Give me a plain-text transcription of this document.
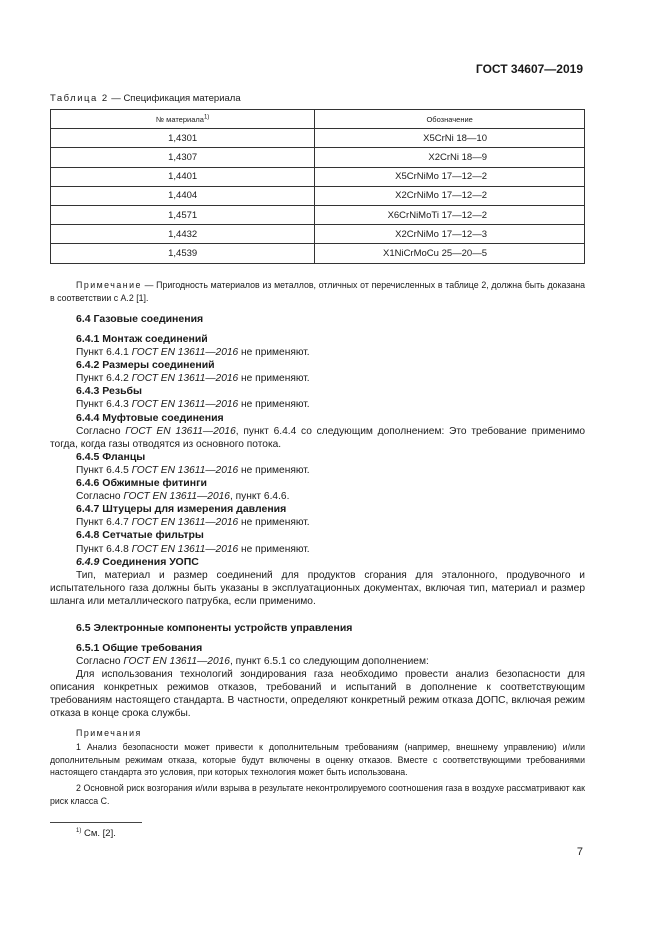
ГОСТ 34607—2019
Таблица 2 — Спецификация материала
№ материала$^{1)}$	Обозначение
1,4301	X5CrNi 18—10
1,4307	X2CrNi 18—9
1,4401	X5CrNiMo 17—12—2
1,4404	X2CrNiMo 17—12—2
1,4571	X6CrNiMoTi 17—12—2
1,4432	X2CrNiMo 17—12—3
1,4539	X1NiCrMoCu 25—20—5
Примечание — Пригодность материалов из металлов, отличных от перечисленных в таблице 2, должна быть доказана в соответствии с А.2 [1].
6.4 Газовые соединения
6.4.1 Монтаж соединений
Пункт 6.4.1 ГОСТ EN 13611—2016 не применяют.
6.4.2 Размеры соединений
Пункт 6.4.2 ГОСТ EN 13611—2016 не применяют.
6.4.3 Резьбы
Пункт 6.4.3 ГОСТ EN 13611—2016 не применяют.
6.4.4 Муфтовые соединения
Согласно ГОСТ EN 13611—2016, пункт 6.4.4 со следующим дополнением: Это требование применимо тогда, когда газы отводятся из основного потока.
6.4.5 Фланцы
Пункт 6.4.5 ГОСТ EN 13611—2016 не применяют.
6.4.6 Обжимные фитинги
Согласно ГОСТ EN 13611—2016, пункт 6.4.6.
6.4.7 Штуцеры для измерения давления
Пункт 6.4.7 ГОСТ EN 13611—2016 не применяют.
6.4.8 Сетчатые фильтры
Пункт 6.4.8 ГОСТ EN 13611—2016 не применяют.
6.4.9 Соединения УОПС
Тип, материал и размер соединений для продуктов сгорания для эталонного, продувочного и испытательного газа должны быть указаны в эксплуатационных документах, включая тип, материал и размер шланга или металлического патрубка, если применимо.
6.5 Электронные компоненты устройств управления
6.5.1 Общие требования
Согласно ГОСТ EN 13611—2016, пункт 6.5.1 со следующим дополнением:
Для использования технологий зондирования газа необходимо провести анализ безопасности для описания конкретных режимов отказов, требований и испытаний в дополнение к соответствующим требованиям настоящего стандарта. В частности, определяют конкретный режим отказа ДОПС, включая режим отказа в конце срока службы.
Примечания
1 Анализ безопасности может привести к дополнительным требованиям (например, внешнему управлению) и/или дополнительным режимам отказа, которые будут включены в оценку отказов. Вместе с соответствующими требованиями настоящего стандарта это условия, при которых технология может быть использована.
2 Основной риск возгорания и/или взрыва в результате неконтролируемого соотношения газа в воздухе рассматривают как риск класса С.
$^{1)}$ См. [2].
7
